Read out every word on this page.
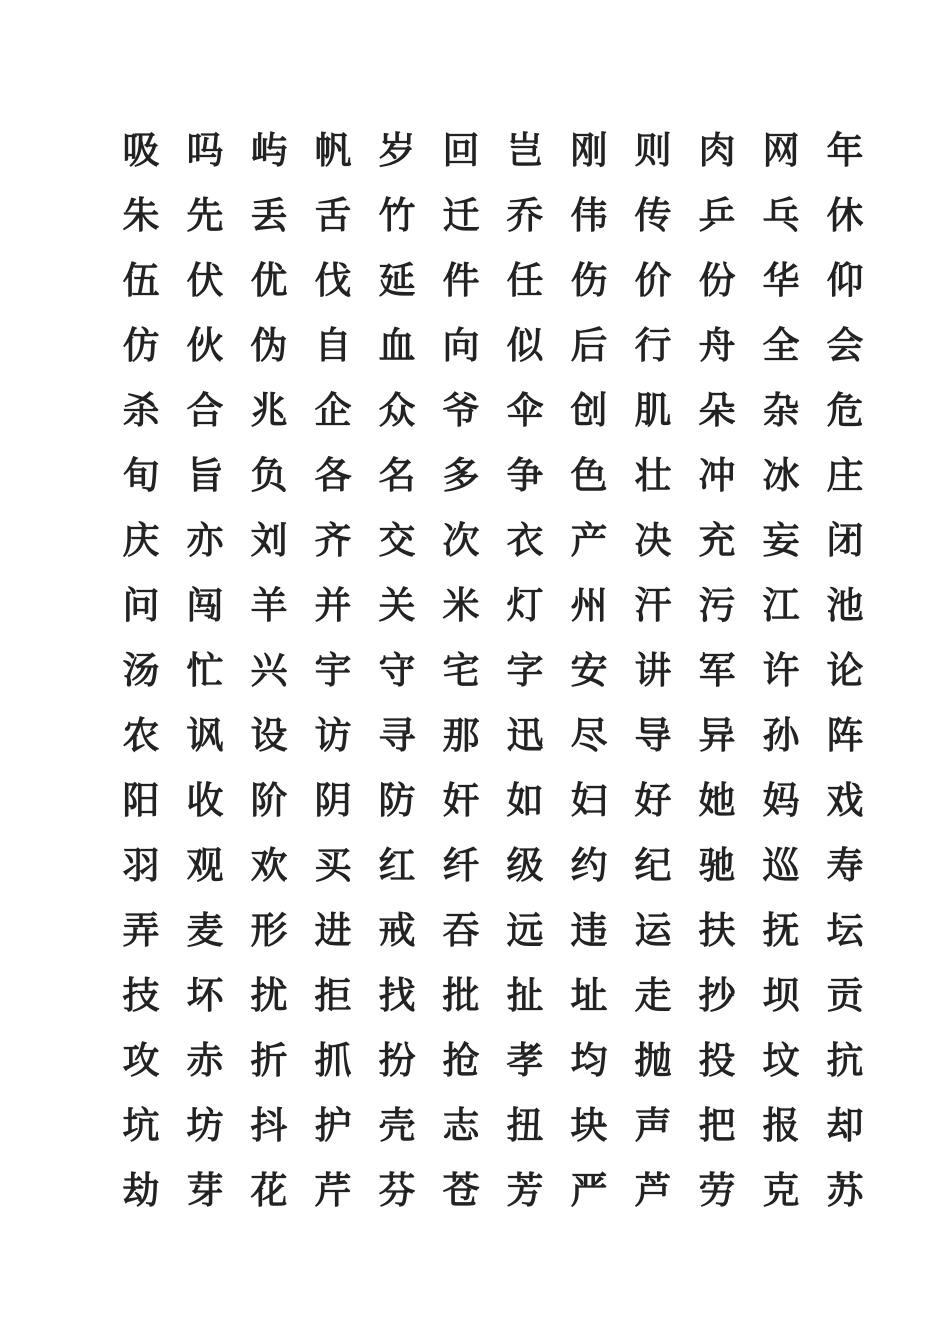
吸 吗 屿 帆 岁 回 岂 刚 则 肉 网 年
朱 先 丢 舌 竹 迁 乔 伟 传 乒 乓 休
伍 伏 优 伐 延 件 任 伤 价 份 华 仰
仿 伙 伪 自 血 向 似 后 行 舟 全 会
杀 合 兆 企 众 爷 伞 创 肌 朵 杂 危
旬 旨 负 各 名 多 争 色 壮 冲 冰 庄
庆 亦 刘 齐 交 次 衣 产 决 充 妄 闭
问 闯 羊 并 关 米 灯 州 汗 污 江 池
汤 忙 兴 宇 守 宅 字 安 讲 军 许 论
农 讽 设 访 寻 那 迅 尽 导 异 孙 阵
阳 收 阶 阴 防 奸 如 妇 好 她 妈 戏
羽 观 欢 买 红 纤 级 约 纪 驰 巡 寿
弄 麦 形 进 戒 吞 远 违 运 扶 抚 坛
技 坏 扰 拒 找 批 扯 址 走 抄 坝 贡
攻 赤 折 抓 扮 抢 孝 均 抛 投 坟 抗
坑 坊 抖 护 壳 志 扭 块 声 把 报 却
劫 芽 花 芹 芬 苍 芳 严 芦 劳 克 苏
